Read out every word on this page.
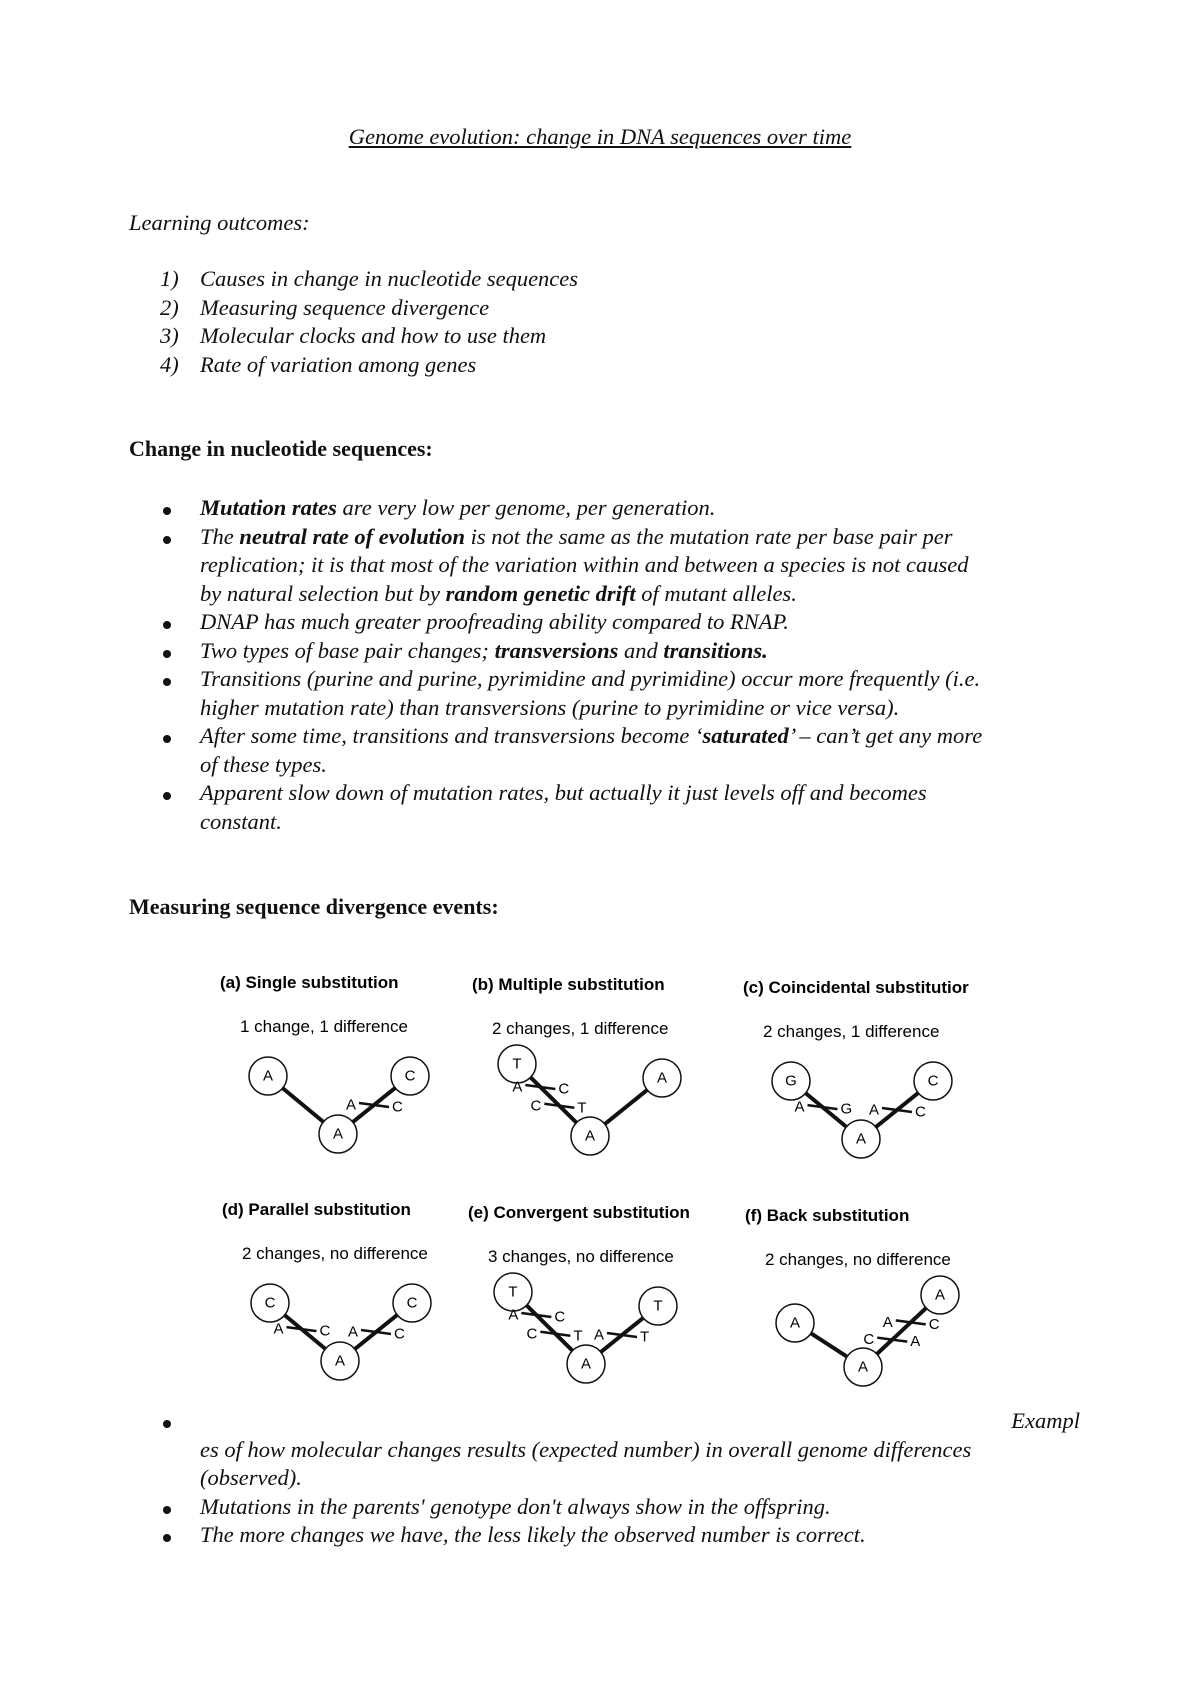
Genome evolution: change in DNA sequences over time
Learning outcomes:
1) Causes in change in nucleotide sequences
2) Measuring sequence divergence
3) Molecular clocks and how to use them
4) Rate of variation among genes
Change in nucleotide sequences:
Mutation rates are very low per genome, per generation.
The neutral rate of evolution is not the same as the mutation rate per base pair per
replication; it is that most of the variation within and between a species is not caused
by natural selection but by random genetic drift of mutant alleles.
DNAP has much greater proofreading ability compared to RNAP.
Two types of base pair changes; transversions and transitions.
Transitions (purine and purine, pyrimidine and pyrimidine) occur more frequently (i.e.
higher mutation rate) than transversions (purine to pyrimidine or vice versa).
After some time, transitions and transversions become ‘saturated’ – can’t get any more
of these types.
Apparent slow down of mutation rates, but actually it just levels off and becomes
constant.
Measuring sequence divergence events:
(a) Single substitution
1 change, 1 difference
A	C
A
A C
(b) Multiple substitution
2 changes, 1 difference
T
A
A
C T
A C
(c) Coincidental substitutior
2 changes, 1 difference
G	C
A
A G A C
(d) Parallel substitution
2 changes, no difference
C	C
A
A C A C
(e) Convergent substitution
3 changes, no difference
T
T
A
C T
A C
A T
(f) Back substitution
2 changes, no difference
A
A
A
C A
A C
Exampl
es of how molecular changes results (expected number) in overall genome differences
(observed).
Mutations in the parents' genotype don't always show in the offspring.
The more changes we have, the less likely the observed number is correct.
